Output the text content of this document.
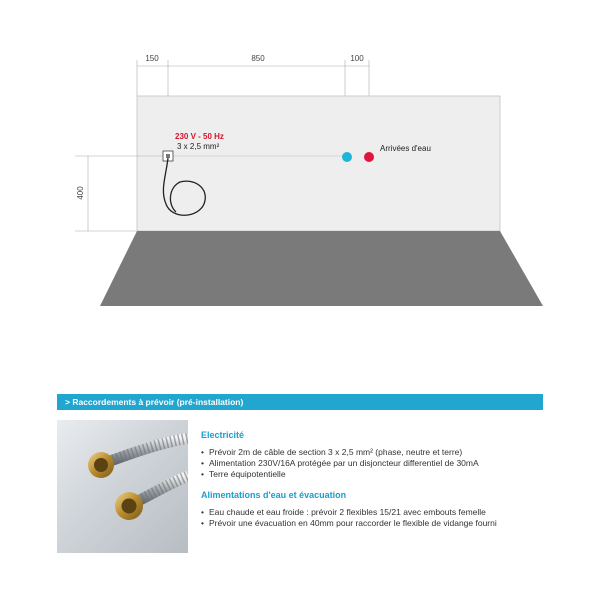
150	850	100
400
230 V - 50 Hz
3 x 2,5 mm²	Arrivées d'eau
> Raccordements à prévoir (pré-installation)
Electricité
• Prévoir 2m de câble de section 3 x 2,5 mm² (phase, neutre et terre)
• Alimentation 230V/16A protégée par un disjoncteur differentiel de 30mA
• Terre équipotentielle
Alimentations d'eau et évacuation
• Eau chaude et eau froide : prévoir 2 flexibles 15/21 avec embouts femelle
• Prévoir une évacuation en 40mm pour raccorder le flexible de vidange fourni
